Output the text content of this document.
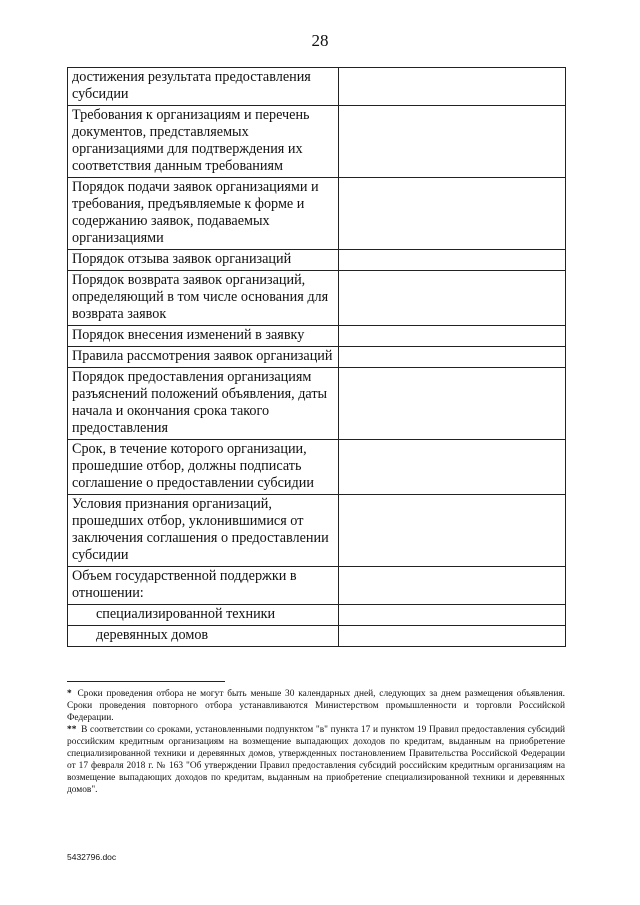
28
достижения результата предоставления субсидии	
Требования к организациям и перечень документов, представляемых организациями для подтверждения их соответствия данным требованиям	
Порядок подачи заявок организациями и требования, предъявляемые к форме и содержанию заявок, подаваемых организациями	
Порядок отзыва заявок организаций	
Порядок возврата заявок организаций, определяющий в том числе основания для возврата заявок	
Порядок внесения изменений в заявку	
Правила рассмотрения заявок организаций	
Порядок предоставления организациям разъяснений положений объявления, даты начала и окончания срока такого предоставления	
Срок, в течение которого организации, прошедшие отбор, должны подписать соглашение о предоставлении субсидии	
Условия признания организаций, прошедших отбор, уклонившимися от заключения соглашения о предоставлении субсидии	
Объем государственной поддержки в отношении:	
специализированной техники	
деревянных домов	

* Сроки проведения отбора не могут быть меньше 30 календарных дней, следующих за днем размещения объявления. Сроки проведения повторного отбора устанавливаются Министерством промышленности и торговли Российской Федерации.

** В соответствии со сроками, установленными подпунктом "в" пункта 17 и пунктом 19 Правил предоставления субсидий российским кредитным организациям на возмещение выпадающих доходов по кредитам, выданным на приобретение специализированной техники и деревянных домов, утвержденных постановлением Правительства Российской Федерации от 17 февраля 2018 г. № 163 "Об утверждении Правил предоставления субсидий российским кредитным организациям на возмещение выпадающих доходов по кредитам, выданным на приобретение специализированной техники и деревянных домов".

5432796.doc
